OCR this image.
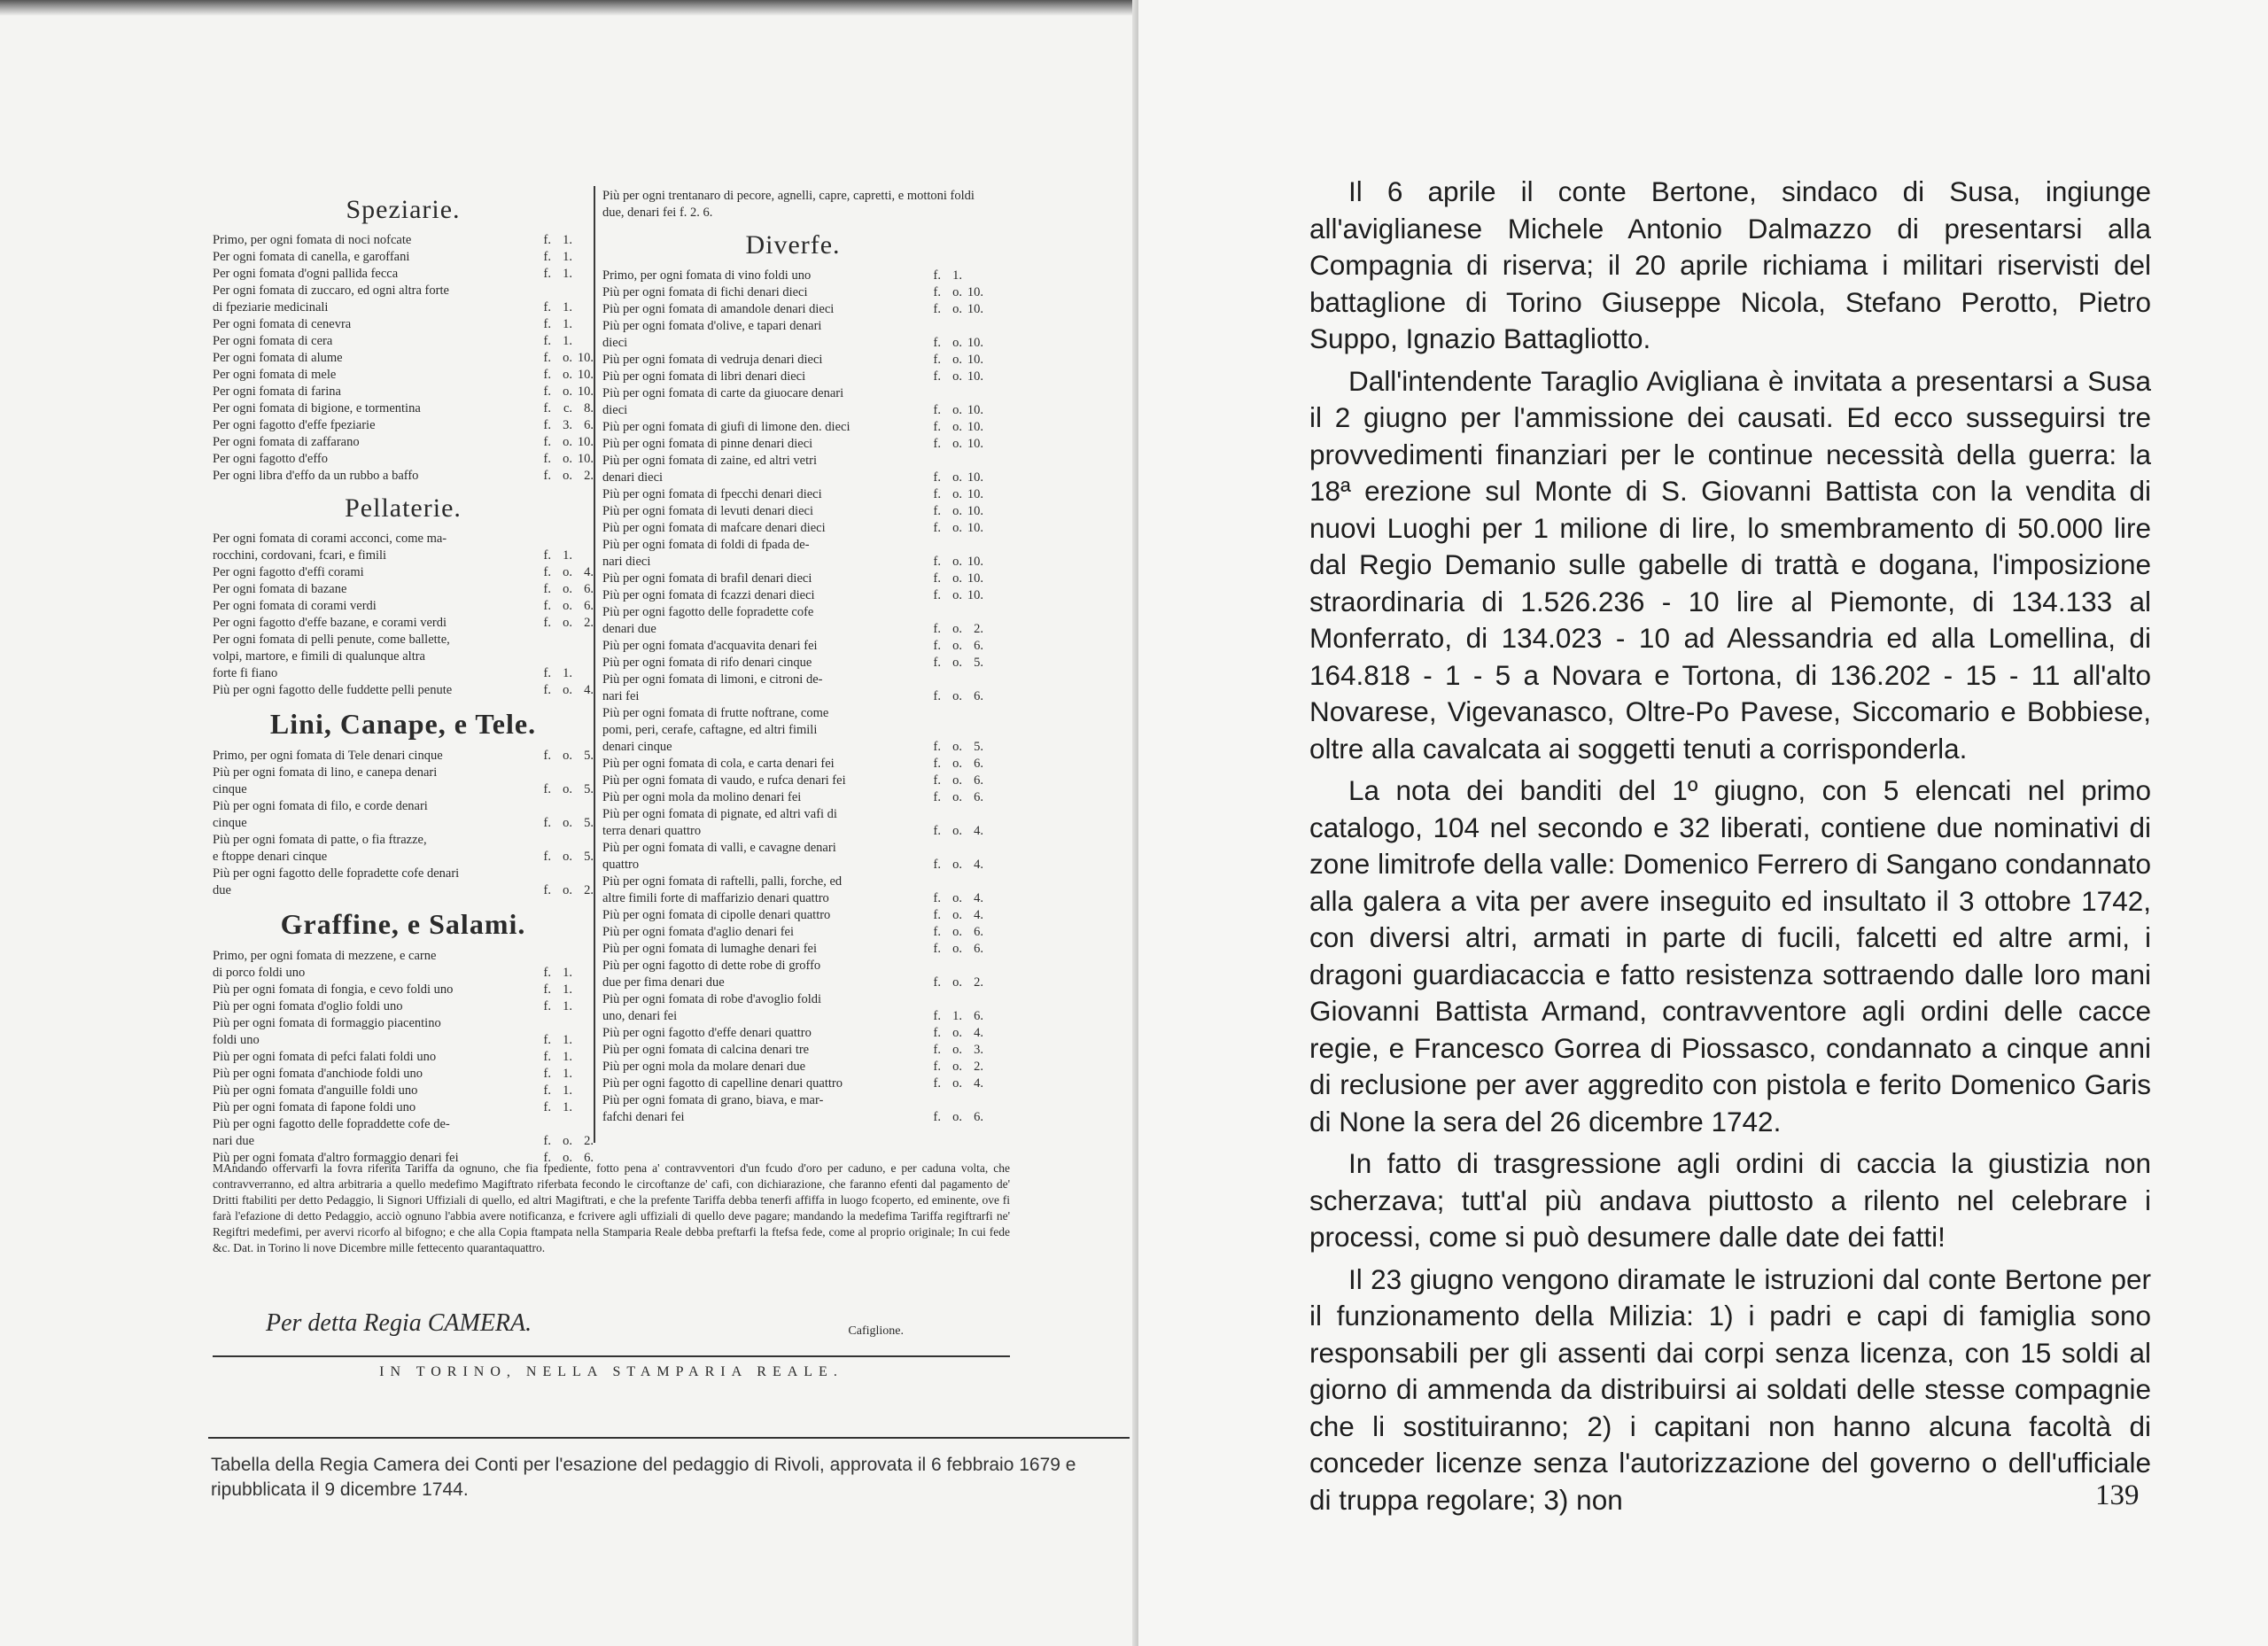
Speziarie.
Primo, per ogni fomata di noci nofcate	f. 1.
Per ogni fomata di canella, e garoffani	f. 1.
Per ogni fomata d'ogni pallida fecca	f. 1.
Per ogni fomata di zuccaro, ed ogni altra forte
di fpeziarie medicinali	f. 1.
Per ogni fomata di cenevra	f. 1.
Per ogni fomata di cera	f. 1.
Per ogni fomata di alume	f. o. 10.
Per ogni fomata di mele	f. o. 10.
Per ogni fomata di farina	f. o. 10.
Per ogni fomata di bigione, e tormentina	f. c. 8.
Per ogni fagotto d'effe fpeziarie	f. 3. 6.
Per ogni fomata di zaffarano	f. o. 10.
Per ogni fagotto d'effo	f. o. 10.
Per ogni libra d'effo da un rubbo a baffo	f. o. 2.
Pellaterie.
Per ogni fomata di corami acconci, come ma-
rocchini, cordovani, fcari, e fimili	f. 1.
Per ogni fagotto d'effi corami	f. o. 4.
Per ogni fomata di bazane	f. o. 6.
Per ogni fomata di corami verdi	f. o. 6.
Per ogni fagotto d'effe bazane, e corami verdi	f. o. 2.
Per ogni fomata di pelli penute, come ballette,
volpi, martore, e fimili di qualunque altra
forte fi fiano	f. 1.
Più per ogni fagotto delle fuddette pelli penute	f. o. 4.
Lini, Canape, e Tele.
Primo, per ogni fomata di Tele denari cinque	f. o. 5.
Più per ogni fomata di lino, e canepa denari
cinque	f. o. 5.
Più per ogni fomata di filo, e corde denari
cinque	f. o. 5.
Più per ogni fomata di patte, o fia ftrazze,
e ftoppe denari cinque	f. o. 5.
Più per ogni fagotto delle fopradette cofe denari
due	f. o. 2.
Graffine, e Salami.
Primo, per ogni fomata di mezzene, e carne
di porco foldi uno	f. 1.
Più per ogni fomata di fongia, e cevo foldi uno	f. 1.
Più per ogni fomata d'oglio foldi uno	f. 1.
Più per ogni fomata di formaggio piacentino
foldi uno	f. 1.
Più per ogni fomata di pefci falati foldi uno	f. 1.
Più per ogni fomata d'anchiode foldi uno	f. 1.
Più per ogni fomata d'anguille foldi uno	f. 1.
Più per ogni fomata di fapone foldi uno	f. 1.
Più per ogni fagotto delle fopraddette cofe de-
nari due	f. o. 2.
Più per ogni fomata d'altro formaggio denari fei	f. o. 6.
Più per ogni trentanaro di pecore, agnelli, capre, capretti, e mottoni foldi due, denari fei f. 2. 6.
Diverfe.
Primo, per ogni fomata di vino foldi uno	f. 1.
Più per ogni fomata di fichi denari dieci	f. o. 10.
Più per ogni fomata di amandole denari dieci	f. o. 10.
Più per ogni fomata d'olive, e tapari denari
dieci	f. o. 10.
Più per ogni fomata di vedruja denari dieci	f. o. 10.
Più per ogni fomata di libri denari dieci	f. o. 10.
Più per ogni fomata di carte da giuocare denari
dieci	f. o. 10.
Più per ogni fomata di giufi di limone den. dieci	f. o. 10.
Più per ogni fomata di pinne denari dieci	f. o. 10.
Più per ogni fomata di zaine, ed altri vetri
denari dieci	f. o. 10.
Più per ogni fomata di fpecchi denari dieci	f. o. 10.
Più per ogni fomata di levuti denari dieci	f. o. 10.
Più per ogni fomata di mafcare denari dieci	f. o. 10.
Più per ogni fomata di foldi di fpada de-
nari dieci	f. o. 10.
Più per ogni fomata di brafil denari dieci	f. o. 10.
Più per ogni fomata di fcazzi denari dieci	f. o. 10.
Più per ogni fagotto delle fopradette cofe
denari due	f. o. 2.
Più per ogni fomata d'acquavita denari fei	f. o. 6.
Più per ogni fomata di rifo denari cinque	f. o. 5.
Più per ogni fomata di limoni, e citroni de-
nari fei	f. o. 6.
Più per ogni fomata di frutte noftrane, come
pomi, peri, cerafe, caftagne, ed altri fimili
denari cinque	f. o. 5.
Più per ogni fomata di cola, e carta denari fei	f. o. 6.
Più per ogni fomata di vaudo, e rufca denari fei	f. o. 6.
Più per ogni mola da molino denari fei	f. o. 6.
Più per ogni fomata di pignate, ed altri vafi di
terra denari quattro	f. o. 4.
Più per ogni fomata di valli, e cavagne denari
quattro	f. o. 4.
Più per ogni fomata di raftelli, palli, forche, ed
altre fimili forte di maffarizio denari quattro	f. o. 4.
Più per ogni fomata di cipolle denari quattro	f. o. 4.
Più per ogni fomata d'aglio denari fei	f. o. 6.
Più per ogni fomata di lumaghe denari fei	f. o. 6.
Più per ogni fagotto di dette robe di groffo
due per fima denari due	f. o. 2.
Più per ogni fomata di robe d'avoglio foldi
uno, denari fei	f. 1. 6.
Più per ogni fagotto d'effe denari quattro	f. o. 4.
Più per ogni fomata di calcina denari tre	f. o. 3.
Più per ogni mola da molare denari due	f. o. 2.
Più per ogni fagotto di capelline denari quattro	f. o. 4.
Più per ogni fomata di grano, biava, e mar-
fafchi denari fei	f. o. 6.
MAndando offervarfi la fovra riferita Tariffa da ognuno, che fia fpediente, fotto pena a' contravventori d'un fcudo d'oro per caduno, e per caduna volta, che contravverranno, ed altra arbitraria a quello medefimo Magiftrato riferbata fecondo le circoftanze de' cafi, con dichiarazione, che faranno efenti dal pagamento de' Dritti ftabiliti per detto Pedaggio, li Signori Uffiziali di quello, ed altri Magiftrati, e che la prefente Tariffa debba tenerfi affiffa in luogo fcoperto, ed eminente, ove fi farà l'efazione di detto Pedaggio, acciò ognuno l'abbia avere notificanza, e fcrivere agli uffiziali di quello deve pagare; mandando la medefima Tariffa regiftrarfi ne' Regiftri medefimi, per avervi ricorfo al bifogno; e che alla Copia ftampata nella Stamparia Reale debba preftarfi la ftefsa fede, come al proprio originale; In cui fede &c. Dat. in Torino li nove Dicembre mille fettecento quarantaquattro.
Per detta Regia CAMERA.	Cafiglione.
IN TORINO, NELLA STAMPARIA REALE.
Tabella della Regia Camera dei Conti per l'esazione del pedaggio di Rivoli, approvata il 6 febbraio 1679 e ripubblicata il 9 dicembre 1744.

Il 6 aprile il conte Bertone, sindaco di Susa, ingiunge all'aviglianese Michele Antonio Dalmazzo di presentarsi alla Compagnia di riserva; il 20 aprile richiama i militari riservisti del battaglione di Torino Giuseppe Nicola, Stefano Perotto, Pietro Suppo, Ignazio Battagliotto.

Dall'intendente Taraglio Avigliana è invitata a presentarsi a Susa il 2 giugno per l'ammissione dei causati. Ed ecco susseguirsi tre provvedimenti finanziari per le continue necessità della guerra: la 18ª erezione sul Monte di S. Giovanni Battista con la vendita di nuovi Luoghi per 1 milione di lire, lo smembramento di 50.000 lire dal Regio Demanio sulle gabelle di trattà e dogana, l'imposizione straordinaria di 1.526.236 - 10 lire al Piemonte, di 134.133 al Monferrato, di 134.023 - 10 ad Alessandria ed alla Lomellina, di 164.818 - 1 - 5 a Novara e Tortona, di 136.202 - 15 - 11 all'alto Novarese, Vigevanasco, Oltre-Po Pavese, Siccomario e Bobbiese, oltre alla cavalcata ai soggetti tenuti a corrisponderla.

La nota dei banditi del 1º giugno, con 5 elencati nel primo catalogo, 104 nel secondo e 32 liberati, contiene due nominativi di zone limitrofe della valle: Domenico Ferrero di Sangano condannato alla galera a vita per avere inseguito ed insultato il 3 ottobre 1742, con diversi altri, armati in parte di fucili, falcetti ed altre armi, i dragoni guardiacaccia e fatto resistenza sottraendo dalle loro mani Giovanni Battista Armand, contravventore agli ordini delle cacce regie, e Francesco Gorrea di Piossasco, condannato a cinque anni di reclusione per aver aggredito con pistola e ferito Domenico Garis di None la sera del 26 dicembre 1742.

In fatto di trasgressione agli ordini di caccia la giustizia non scherzava; tutt'al più andava piuttosto a rilento nel celebrare i processi, come si può desumere dalle date dei fatti!

Il 23 giugno vengono diramate le istruzioni dal conte Bertone per il funzionamento della Milizia: 1) i padri e capi di famiglia sono responsabili per gli assenti dai corpi senza licenza, con 15 soldi al giorno di ammenda da distribuirsi ai soldati delle stesse compagnie che li sostituiranno; 2) i capitani non hanno alcuna facoltà di conceder licenze senza l'autorizzazione del governo o dell'ufficiale di truppa regolare; 3) non	139
